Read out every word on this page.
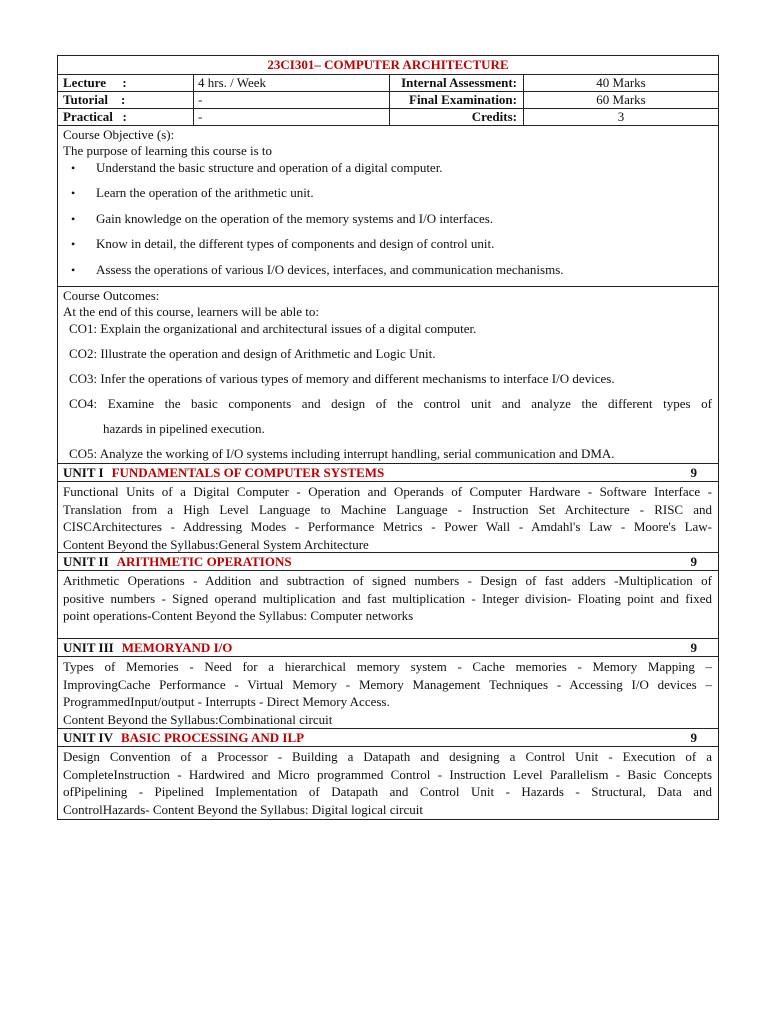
23CI301– COMPUTER ARCHITECTURE
Lecture     :	4 hrs. / Week	Internal Assessment:	40 Marks
Tutorial    :	-	Final Examination:	60 Marks
Practical   :	-	Credits:	3
Course Objective (s):
The purpose of learning this course is to
• Understand the basic structure and operation of a digital computer.
• Learn the operation of the arithmetic unit.
• Gain knowledge on the operation of the memory systems and I/O interfaces.
• Know in detail, the different types of components and design of control unit.
• Assess the operations of various I/O devices, interfaces, and communication mechanisms.
Course Outcomes:
At the end of this course, learners will be able to:
CO1: Explain the organizational and architectural issues of a digital computer.
CO2: Illustrate the operation and design of Arithmetic and Logic Unit.
CO3: Infer the operations of various types of memory and different mechanisms to interface I/O devices.
CO4: Examine the basic components and design of the control unit and analyze the different types of
hazards in pipelined execution.
CO5: Analyze the working of I/O systems including interrupt handling, serial communication and DMA.
UNIT I FUNDAMENTALS OF COMPUTER SYSTEMS	9
Functional Units of a Digital Computer - Operation and Operands of Computer Hardware - Software Interface -
Translation from a High Level Language to Machine Language - Instruction Set Architecture - RISC and
CISCArchitectures - Addressing Modes - Performance Metrics - Power Wall - Amdahl's Law - Moore's Law-
Content Beyond the Syllabus:General System Architecture
UNIT II ARITHMETIC OPERATIONS	9
Arithmetic Operations - Addition and subtraction of signed numbers - Design of fast adders -Multiplication of
positive numbers - Signed operand multiplication and fast multiplication - Integer division- Floating point and fixed
point operations-Content Beyond the Syllabus: Computer networks
UNIT III MEMORYAND I/O	9
Types of Memories - Need for a hierarchical memory system - Cache memories - Memory Mapping –
ImprovingCache Performance - Virtual Memory - Memory Management Techniques - Accessing I/O devices –
ProgrammedInput/output - Interrupts - Direct Memory Access.
Content Beyond the Syllabus:Combinational circuit
UNIT IV BASIC PROCESSING AND ILP	9
Design Convention of a Processor - Building a Datapath and designing a Control Unit - Execution of a
CompleteInstruction - Hardwired and Micro programmed Control - Instruction Level Parallelism - Basic Concepts
ofPipelining - Pipelined Implementation of Datapath and Control Unit - Hazards - Structural, Data and
ControlHazards- Content Beyond the Syllabus: Digital logical circuit
